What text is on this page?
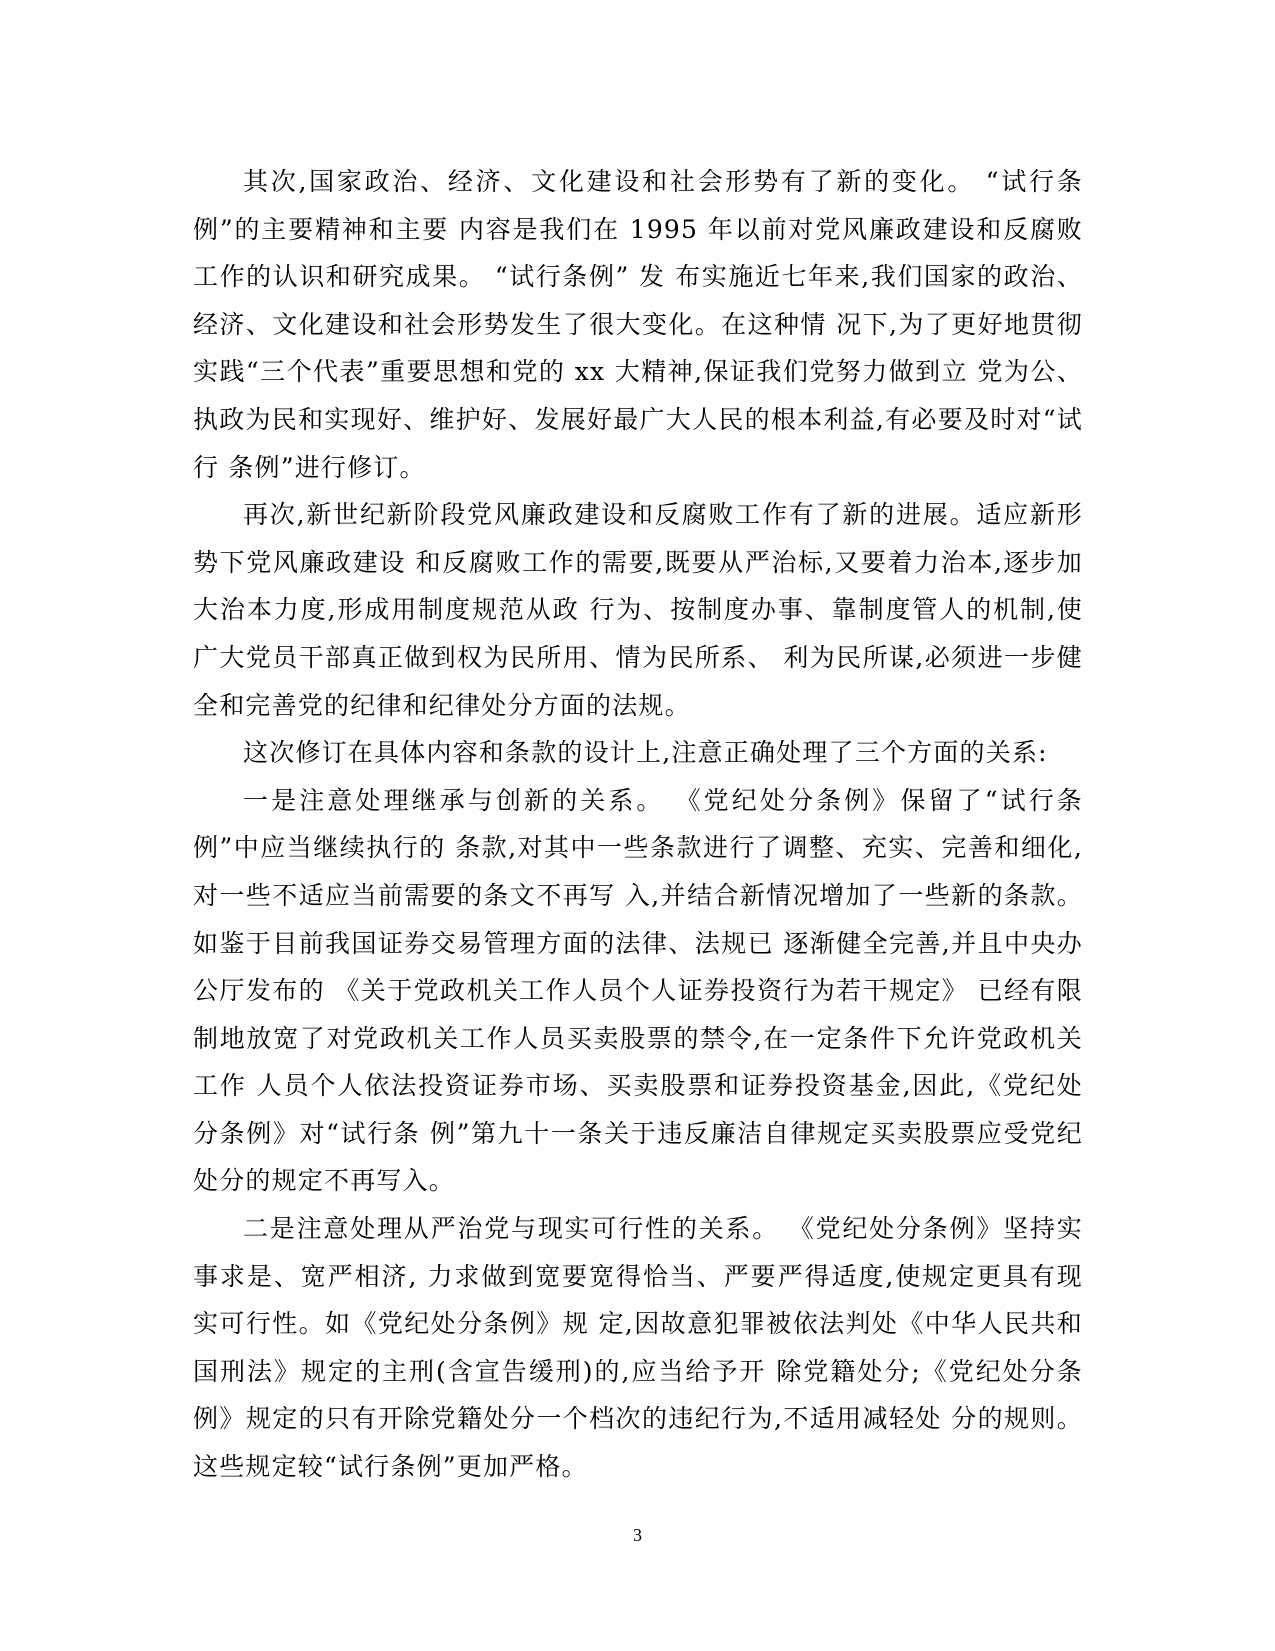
其次,国家政治、经济、文化建设和社会形势有了新的变化。 “试行条例”的主要精神和主要 内容是我们在 1995 年以前对党风廉政建设和反腐败工作的认识和研究成果。 “试行条例” 发 布实施近七年来,我们国家的政治、经济、文化建设和社会形势发生了很大变化。在这种情 况下,为了更好地贯彻实践“三个代表”重要思想和党的 xx 大精神,保证我们党努力做到立 党为公、执政为民和实现好、维护好、发展好最广大人民的根本利益,有必要及时对“试行 条例”进行修订。

再次,新世纪新阶段党风廉政建设和反腐败工作有了新的进展。适应新形势下党风廉政建设 和反腐败工作的需要,既要从严治标,又要着力治本,逐步加大治本力度,形成用制度规范从政 行为、按制度办事、靠制度管人的机制,使广大党员干部真正做到权为民所用、情为民所系、 利为民所谋,必须进一步健全和完善党的纪律和纪律处分方面的法规。

这次修订在具体内容和条款的设计上,注意正确处理了三个方面的关系:

一是注意处理继承与创新的关系。 《党纪处分条例》保留了“试行条例”中应当继续执行的 条款,对其中一些条款进行了调整、充实、完善和细化,对一些不适应当前需要的条文不再写 入,并结合新情况增加了一些新的条款。如鉴于目前我国证券交易管理方面的法律、法规已 逐渐健全完善,并且中央办公厅发布的 《关于党政机关工作人员个人证券投资行为若干规定》 已经有限制地放宽了对党政机关工作人员买卖股票的禁令,在一定条件下允许党政机关工作 人员个人依法投资证券市场、买卖股票和证券投资基金,因此,《党纪处分条例》对“试行条 例”第九十一条关于违反廉洁自律规定买卖股票应受党纪处分的规定不再写入。

二是注意处理从严治党与现实可行性的关系。 《党纪处分条例》坚持实事求是、宽严相济, 力求做到宽要宽得恰当、严要严得适度,使规定更具有现实可行性。如《党纪处分条例》规 定,因故意犯罪被依法判处《中华人民共和国刑法》规定的主刑(含宣告缓刑)的,应当给予开 除党籍处分;《党纪处分条例》规定的只有开除党籍处分一个档次的违纪行为,不适用减轻处 分的规则。这些规定较“试行条例”更加严格。

3
